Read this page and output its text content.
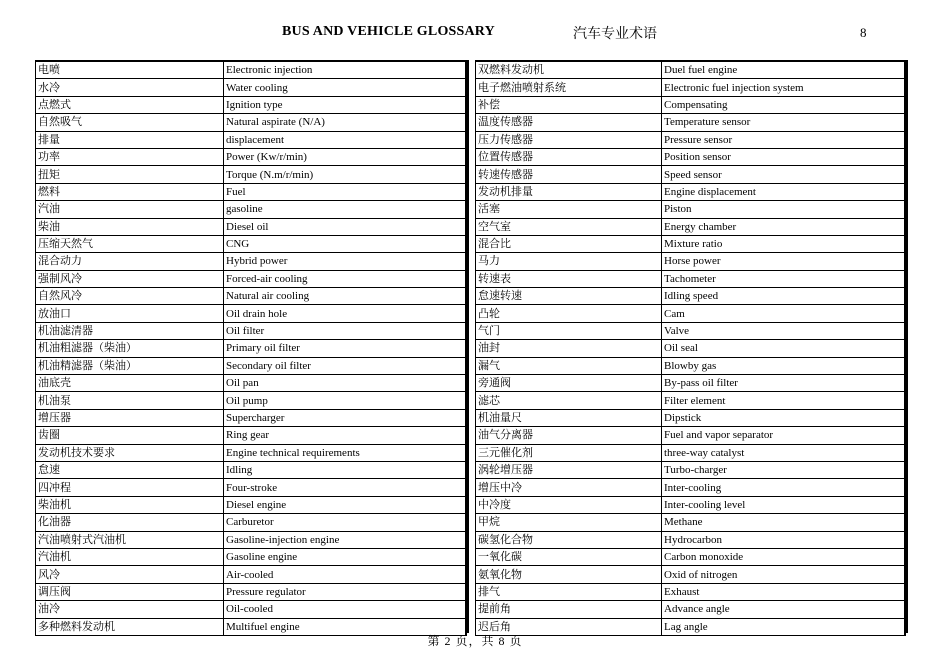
BUS AND VEHICLE GLOSSARY	汽车专业术语	8
电喷	Electronic injection
水冷	Water cooling
点燃式	Ignition type
自然吸气	Natural aspirate (N/A)
排量	displacement
功率	Power (Kw/r/min)
扭矩	Torque (N.m/r/min)
燃料	Fuel
汽油	gasoline
柴油	Diesel oil
压缩天然气	CNG
混合动力	Hybrid power
强制风冷	Forced-air cooling
自然风冷	Natural air cooling
放油口	Oil drain hole
机油滤清器	Oil filter
机油粗滤器（柴油）	Primary oil filter
机油精滤器（柴油）	Secondary oil filter
油底壳	Oil pan
机油泵	Oil pump
增压器	Supercharger
齿圈	Ring gear
发动机技术要求	Engine technical requirements
怠速	Idling
四冲程	Four-stroke
柴油机	Diesel engine
化油器	Carburetor
汽油喷射式汽油机	Gasoline-injection engine
汽油机	Gasoline engine
风冷	Air-cooled
调压阀	Pressure regulator
油冷	Oil-cooled
多种燃料发动机	Multifuel engine
双燃料发动机	Duel fuel engine
电子燃油喷射系统	Electronic fuel injection system
补偿	Compensating
温度传感器	Temperature sensor
压力传感器	Pressure sensor
位置传感器	Position sensor
转速传感器	Speed sensor
发动机排量	Engine displacement
活塞	Piston
空气室	Energy chamber
混合比	Mixture ratio
马力	Horse power
转速表	Tachometer
怠速转速	Idling speed
凸轮	Cam
气门	Valve
油封	Oil seal
漏气	Blowby gas
旁通阀	By-pass oil filter
滤芯	Filter element
机油量尺	Dipstick
油气分离器	Fuel and vapor separator
三元催化剂	three-way catalyst
涡轮增压器	Turbo-charger
增压中冷	Inter-cooling
中冷度	Inter-cooling level
甲烷	Methane
碳氢化合物	Hydrocarbon
一氧化碳	Carbon monoxide
氨氧化物	Oxid of nitrogen
排气	Exhaust
提前角	Advance angle
迟后角	Lag angle
第 2 页，共 8 页
